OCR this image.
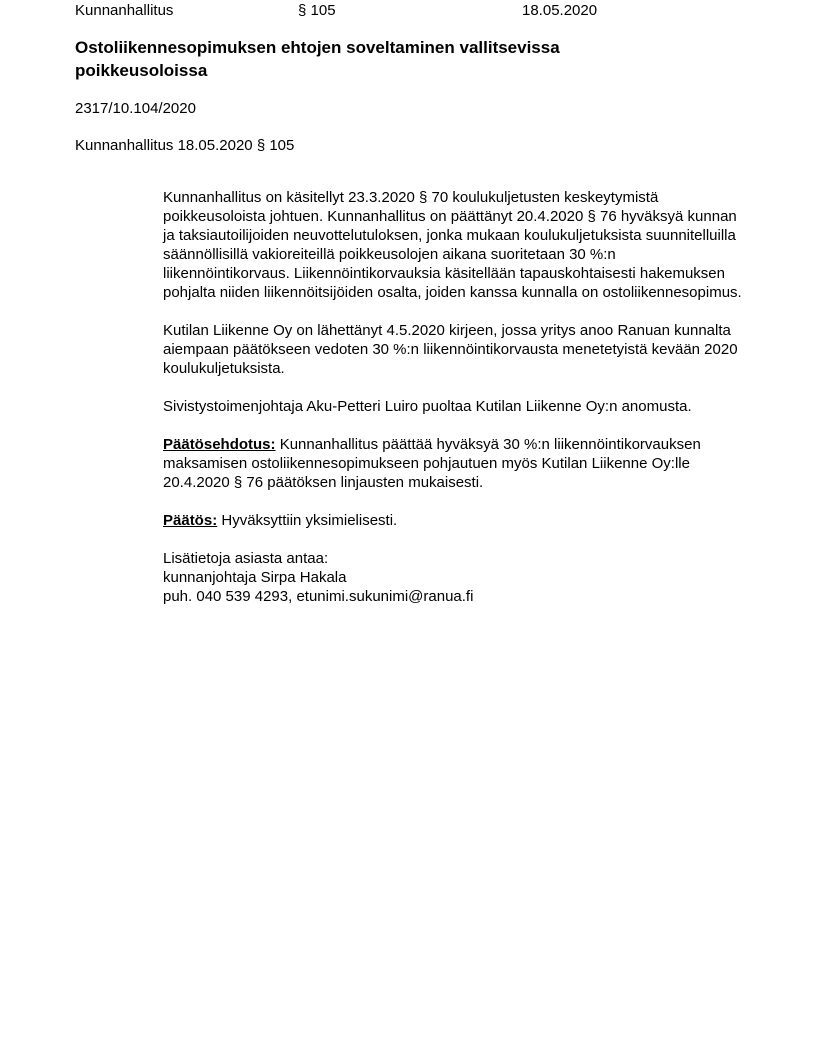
Kunnanhallitus	§ 105	18.05.2020
Ostoliikennesopimuksen ehtojen soveltaminen vallitsevissa poikkeusoloissa
2317/10.104/2020
Kunnanhallitus 18.05.2020 § 105

Kunnanhallitus on käsitellyt 23.3.2020 § 70 koulukuljetusten keskeytymistä poikkeusoloista johtuen. Kunnanhallitus on päättänyt 20.4.2020 § 76 hyväksyä kunnan ja taksiautoilijoiden neuvottelutuloksen, jonka mukaan koulukuljetuksista suunnitelluilla säännöllisillä vakioreiteillä poikkeusolojen aikana suoritetaan 30 %:n liikennöintikorvaus. Liikennöintikorvauksia käsitellään tapauskohtaisesti hakemuksen pohjalta niiden liikennöitsijöiden osalta, joiden kanssa kunnalla on ostoliikennesopimus.

Kutilan Liikenne Oy on lähettänyt 4.5.2020 kirjeen, jossa yritys anoo Ranuan kunnalta aiempaan päätökseen vedoten 30 %:n liikennöintikorvausta menetetyistä kevään 2020 koulukuljetuksista.

Sivistystoimenjohtaja Aku-Petteri Luiro puoltaa Kutilan Liikenne Oy:n anomusta.

Päätösehdotus: Kunnanhallitus päättää hyväksyä 30 %:n liikennöintikorvauksen maksamisen ostoliikennesopimukseen pohjautuen myös Kutilan Liikenne Oy:lle 20.4.2020 § 76 päätöksen linjausten mukaisesti.

Päätös: Hyväksyttiin yksimielisesti.

Lisätietoja asiasta antaa:

kunnanjohtaja Sirpa Hakala

puh. 040 539 4293, etunimi.sukunimi@ranua.fi
